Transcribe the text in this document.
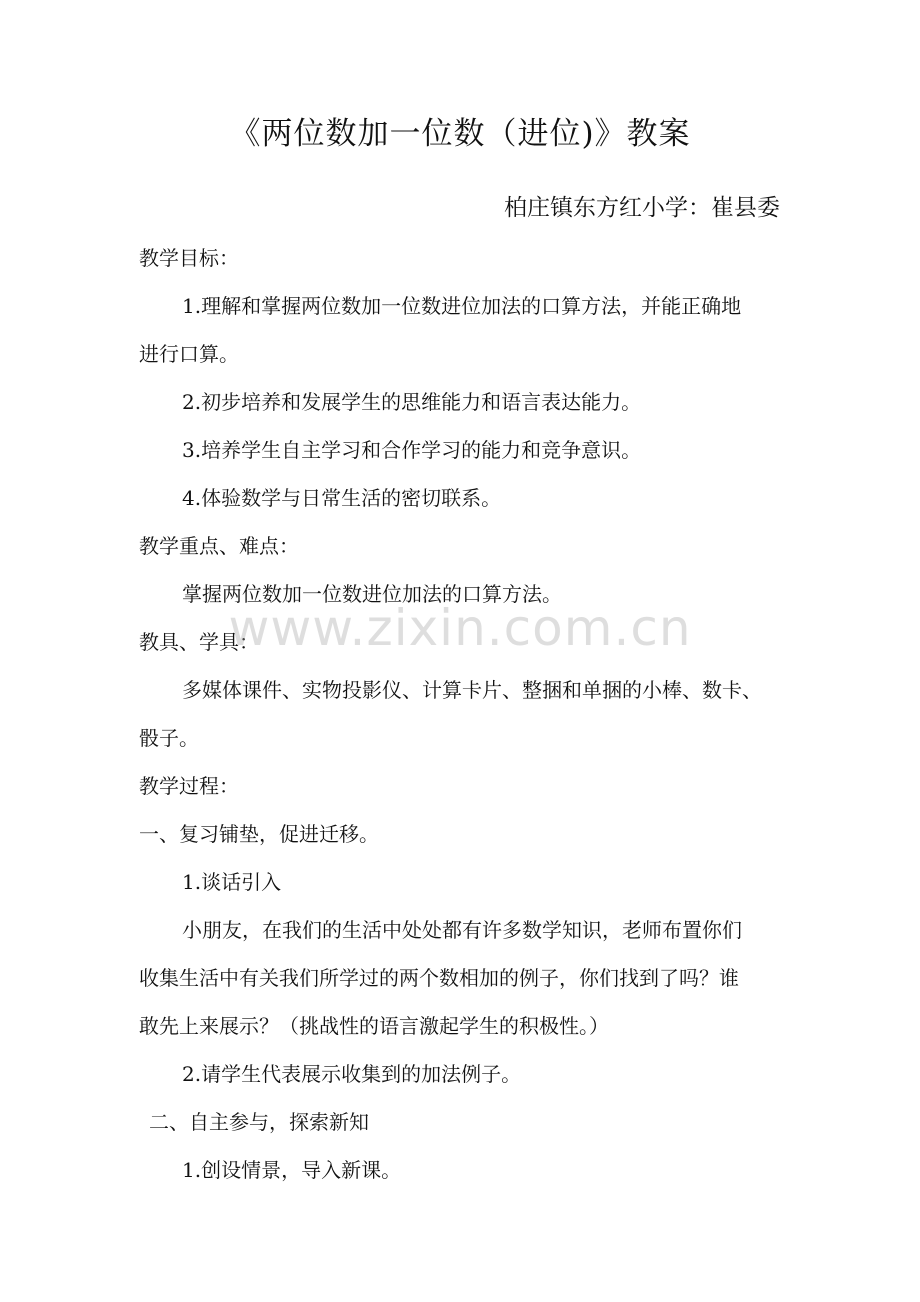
《两位数加一位数（进位)》教案
柏庄镇东方红小学：崔县委
教学目标：
1.理解和掌握两位数加一位数进位加法的口算方法，并能正确地
进行口算。
2.初步培养和发展学生的思维能力和语言表达能力。
3.培养学生自主学习和合作学习的能力和竞争意识。
4.体验数学与日常生活的密切联系。
教学重点、难点：
掌握两位数加一位数进位加法的口算方法。
教具、学具：
多媒体课件、实物投影仪、计算卡片、整捆和单捆的小棒、数卡、
骰子。
教学过程：
一、复习铺垫，促进迁移。
1.谈话引入
小朋友，在我们的生活中处处都有许多数学知识，老师布置你们
收集生活中有关我们所学过的两个数相加的例子，你们找到了吗？谁
敢先上来展示？（挑战性的语言激起学生的积极性。）
2.请学生代表展示收集到的加法例子。
二、自主参与，探索新知
1.创设情景，导入新课。
www.zixin.com.cn
